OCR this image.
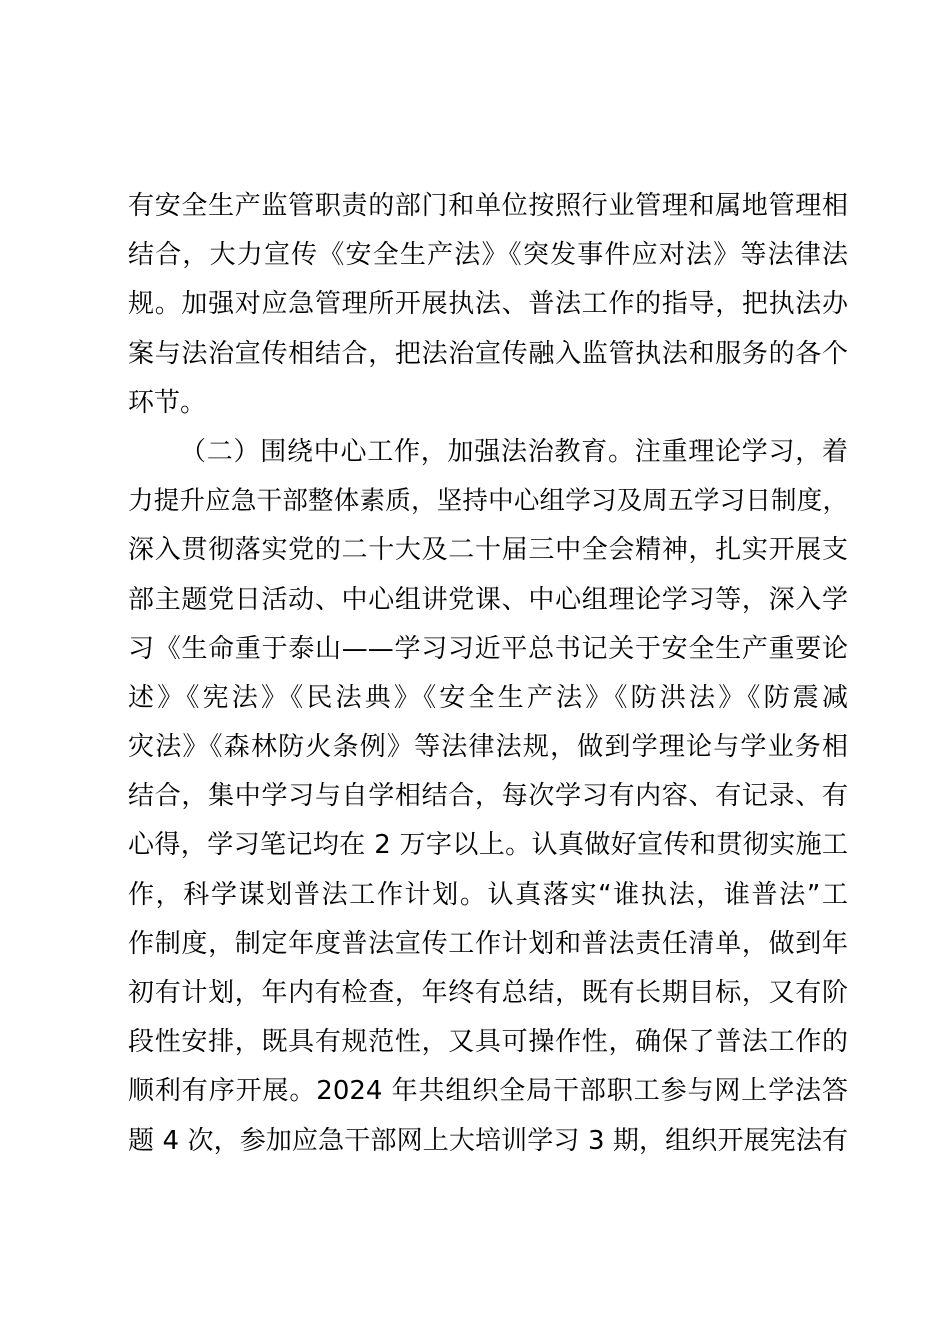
有安全生产监管职责的部门和单位按照行业管理和属地管理相
结合，大力宣传《安全生产法》《突发事件应对法》等法律法
规。加强对应急管理所开展执法、普法工作的指导，把执法办
案与法治宣传相结合，把法治宣传融入监管执法和服务的各个
环节。
（二）围绕中心工作，加强法治教育。注重理论学习，着
力提升应急干部整体素质，坚持中心组学习及周五学习日制度，
深入贯彻落实党的二十大及二十届三中全会精神，扎实开展支
部主题党日活动、中心组讲党课、中心组理论学习等，深入学
习《生命重于泰山——学习习近平总书记关于安全生产重要论
述》《宪法》《民法典》《安全生产法》《防洪法》《防震减
灾法》《森林防火条例》等法律法规，做到学理论与学业务相
结合，集中学习与自学相结合，每次学习有内容、有记录、有
心得，学习笔记均在 2 万字以上。认真做好宣传和贯彻实施工
作，科学谋划普法工作计划。认真落实“谁执法，谁普法”工
作制度，制定年度普法宣传工作计划和普法责任清单，做到年
初有计划，年内有检查，年终有总结，既有长期目标，又有阶
段性安排，既具有规范性，又具可操作性，确保了普法工作的
顺利有序开展。2024 年共组织全局干部职工参与网上学法答
题 4 次，参加应急干部网上大培训学习 3 期，组织开展宪法有
